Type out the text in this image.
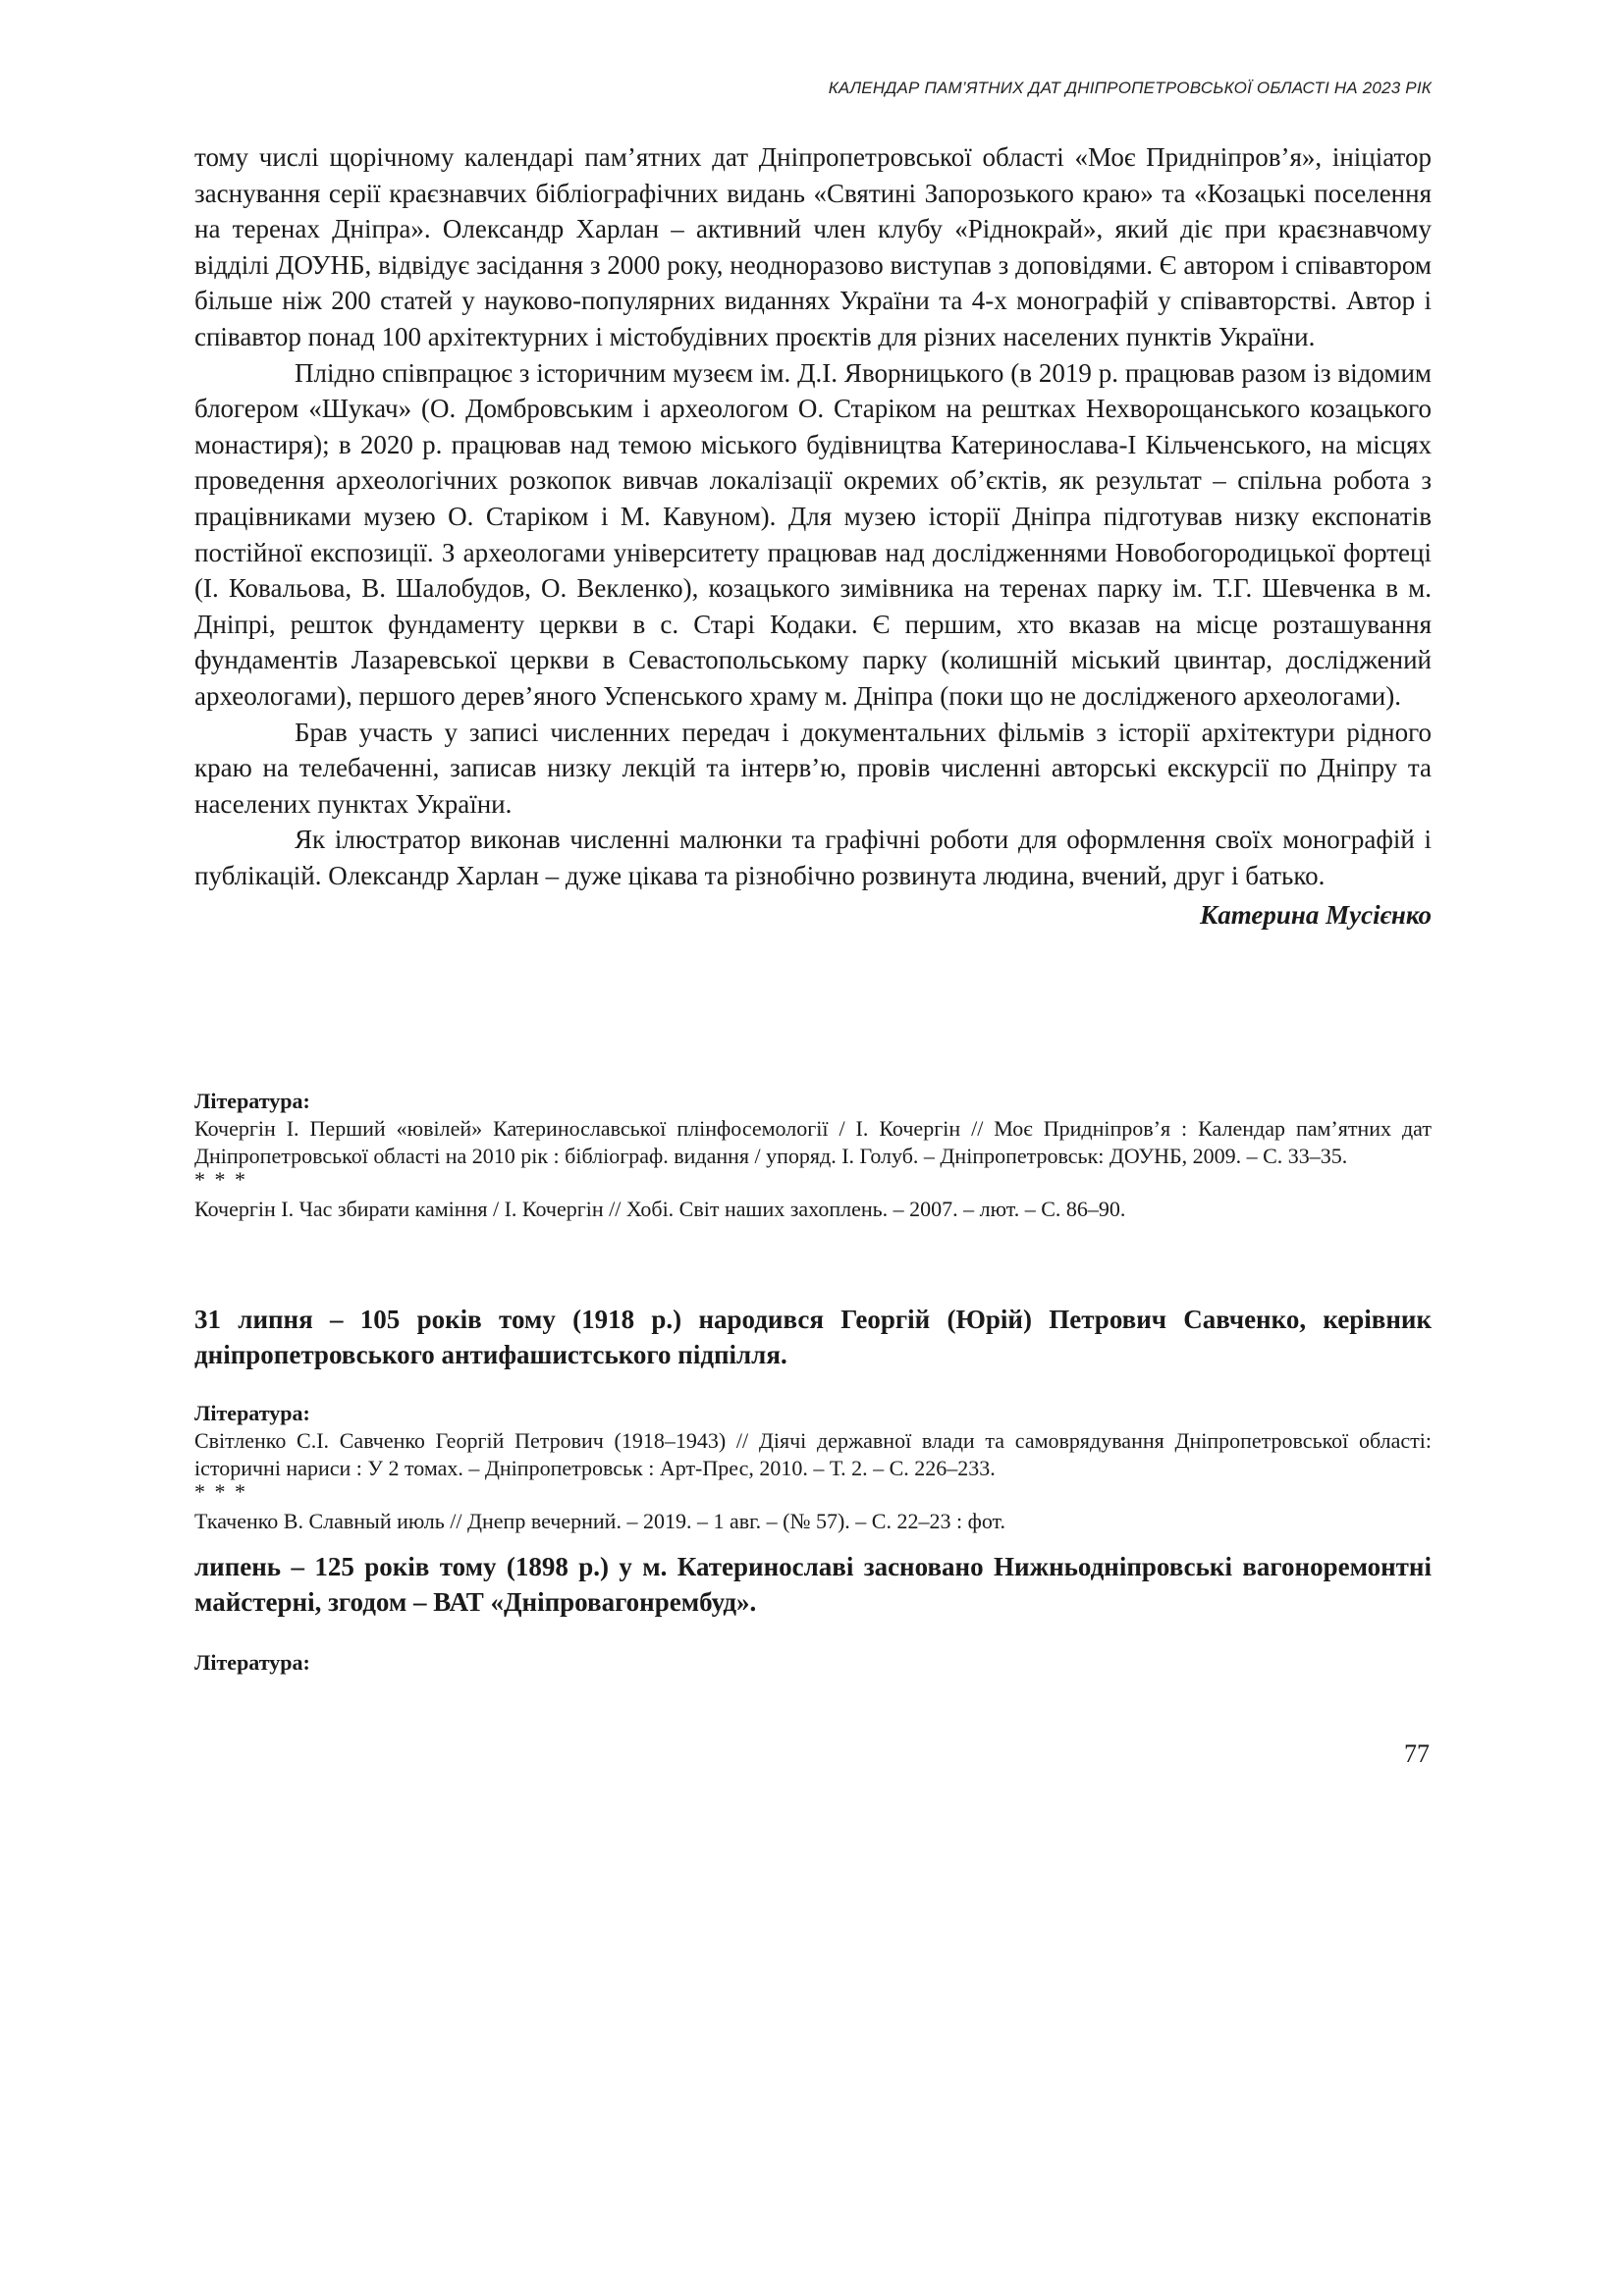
КАЛЕНДАР ПАМ’ЯТНИХ ДАТ ДНІПРОПЕТРОВСЬКОЇ ОБЛАСТІ НА 2023 РІК

тому числі щорічному календарі пам’ятних дат Дніпропетровської області «Моє Придніпров’я», ініціатор заснування серії краєзнавчих бібліографічних видань «Святині Запорозького краю» та «Козацькі поселення на теренах Дніпра». Олександр Харлан – активний член клубу «Ріднокрай», який діє при краєзнавчому відділі ДОУНБ, відвідує засідання з 2000 року, неодноразово виступав з доповідями. Є автором і співавтором більше ніж 200 статей у науково-популярних виданнях України та 4-х монографій у співавторстві. Автор і співавтор понад 100 архітектурних і містобудівних проєктів для різних населених пунктів України.

Плідно співпрацює з історичним музеєм ім. Д.І. Яворницького (в 2019 р. працював разом із відомим блогером «Шукач» (О. Домбровським і археологом О. Старіком на рештках Нехворощанського козацького монастиря); в 2020 р. працював над темою міського будівництва Катеринослава-І Кільченського, на місцях проведення археологічних розкопок вивчав локалізації окремих об’єктів, як результат – спільна робота з працівниками музею О. Старіком і М. Кавуном). Для музею історії Дніпра підготував низку експонатів постійної експозиції. З археологами університету працював над дослідженнями Новобогородицької фортеці (І. Ковальова, В. Шалобудов, О. Векленко), козацького зимівника на теренах парку ім. Т.Г. Шевченка в м. Дніпрі, решток фундаменту церкви в с. Старі Кодаки. Є першим, хто вказав на місце розташування фундаментів Лазаревської церкви в Севастопольському парку (колишній міський цвинтар, досліджений археологами), першого дерев’яного Успенського храму м. Дніпра (поки що не дослідженого археологами).

Брав участь у записі численних передач і документальних фільмів з історії архітектури рідного краю на телебаченні, записав низку лекцій та інтерв’ю, провів численні авторські екскурсії по Дніпру та населених пунктах України.

Як ілюстратор виконав численні малюнки та графічні роботи для оформлення своїх монографій і публікацій. Олександр Харлан – дуже цікава та різнобічно розвинута людина, вчений, друг і батько.

Катерина Мусієнко

Література:

Кочергін І. Перший «ювілей» Катеринославської плінфосемології / І. Кочергін // Моє Придніпров’я : Календар пам’ятних дат Дніпропетровської області на 2010 рік : бібліограф. видання / упоряд. І. Голуб. – Дніпропетровськ: ДОУНБ, 2009. – С. 33–35.

* * *

Кочергін І. Час збирати каміння / І. Кочергін // Хобі. Світ наших захоплень. – 2007. – лют. – С. 86–90.

31 липня – 105 років тому (1918 р.) народився Георгій (Юрій) Петрович Савченко, керівник дніпропетровського антифашистського підпілля.

Література:

Світленко С.І. Савченко Георгій Петрович (1918–1943) // Діячі державної влади та самоврядування Дніпропетровської області: історичні нариси : У 2 томах. – Дніпропетровськ : Арт-Прес, 2010. – Т. 2. – С. 226–233.

* * *

Ткаченко В. Славный июль // Днепр вечерний. – 2019. – 1 авг. – (№ 57). – С. 22–23 : фот.

липень – 125 років тому (1898 р.) у м. Катеринославі засновано Нижньодніпровські вагоноремонтні майстерні, згодом – ВАТ «Дніпровагонрембуд».

Література:

77
